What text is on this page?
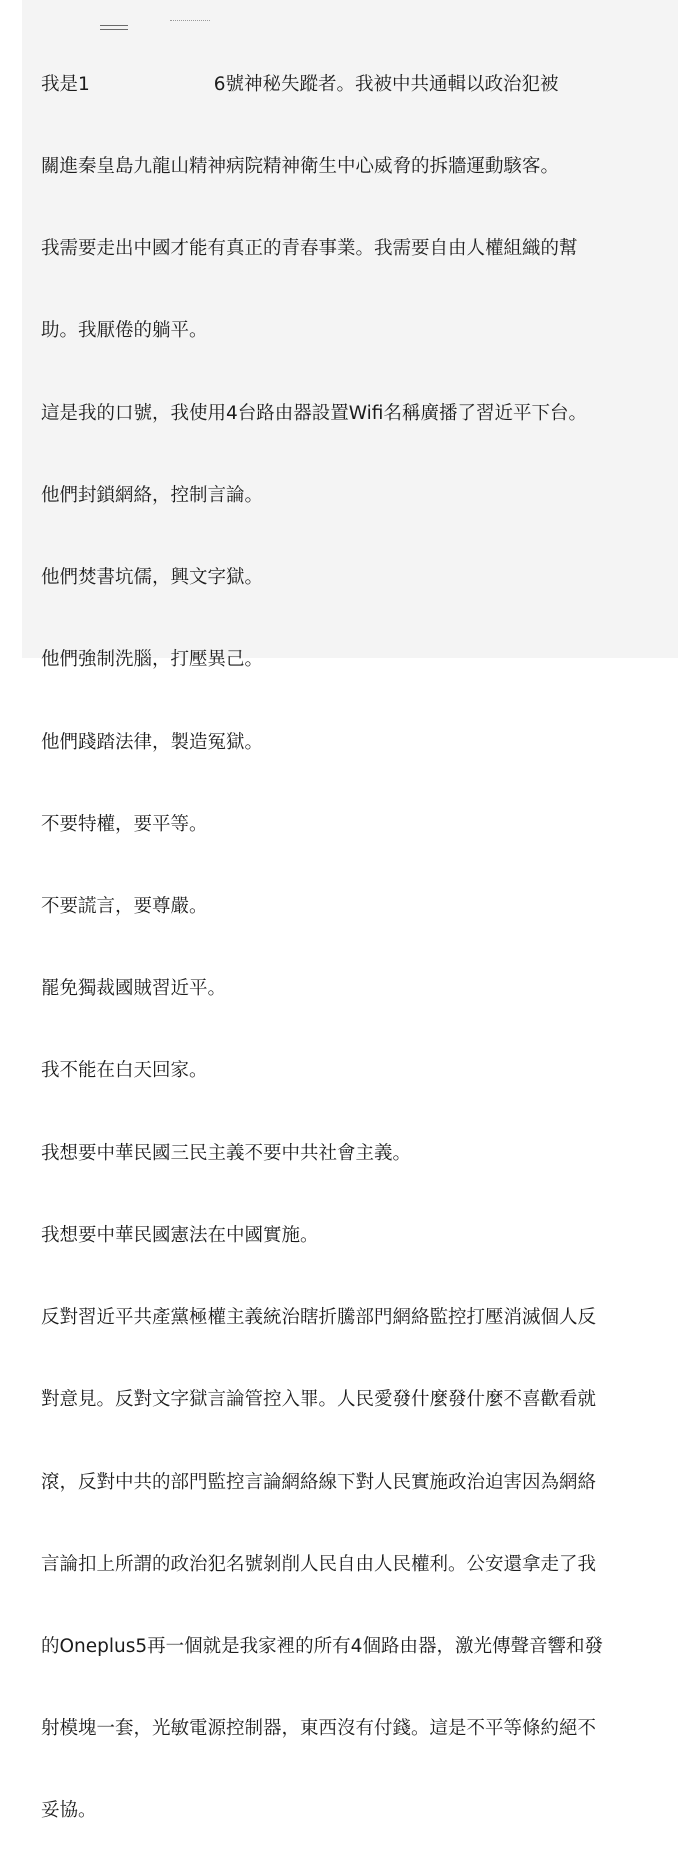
我是1	6號神秘失蹤者。我被中共通輯以政治犯被

關進秦皇島九龍山精神病院精神衛生中心威脅的拆牆運動駭客。

我需要走出中國才能有真正的青春事業。我需要自由人權組織的幫

助。我厭倦的躺平。

這是我的口號，我使用4台路由器設置Wifi名稱廣播了習近平下台。

他們封鎖網絡，控制言論。

他們焚書坑儒，興文字獄。

他們強制洗腦，打壓異己。

他們踐踏法律，製造冤獄。

不要特權，要平等。

不要謊言，要尊嚴。

罷免獨裁國賊習近平。

我不能在白天回家。

我想要中華民國三民主義不要中共社會主義。

我想要中華民國憲法在中國實施。

反對習近平共產黨極權主義統治瞎折騰部門網絡監控打壓消滅個人反

對意見。反對文字獄言論管控入罪。人民愛發什麼發什麼不喜歡看就

滾，反對中共的部門監控言論網絡線下對人民實施政治迫害因為網絡

言論扣上所謂的政治犯名號剝削人民自由人民權利。公安還拿走了我

的Oneplus5再一個就是我家裡的所有4個路由器，激光傳聲音響和發

射模塊一套，光敏電源控制器，東西沒有付錢。這是不平等條約絕不

妥協。
